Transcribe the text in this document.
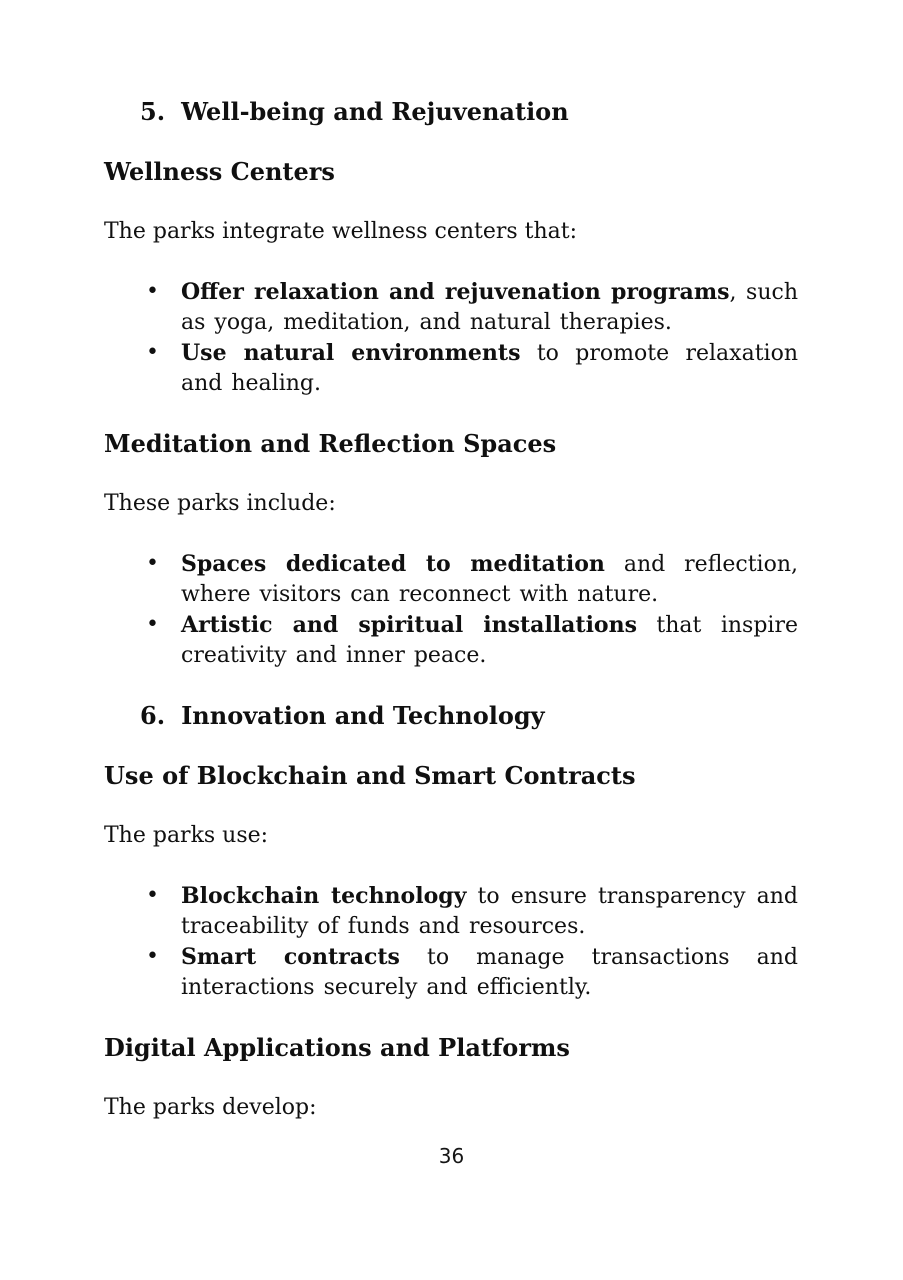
5. Well-being and Rejuvenation
Wellness Centers

The parks integrate wellness centers that:

• Offer relaxation and rejuvenation programs, such as yoga, meditation, and natural therapies.
• Use natural environments to promote relaxation and healing.
Meditation and Reflection Spaces

These parks include:

• Spaces dedicated to meditation and reflection, where visitors can reconnect with nature.
• Artistic and spiritual installations that inspire creativity and inner peace.
6. Innovation and Technology
Use of Blockchain and Smart Contracts

The parks use:

• Blockchain technology to ensure transparency and traceability of funds and resources.
• Smart contracts to manage transactions and interactions securely and efficiently.
Digital Applications and Platforms

The parks develop:

36
